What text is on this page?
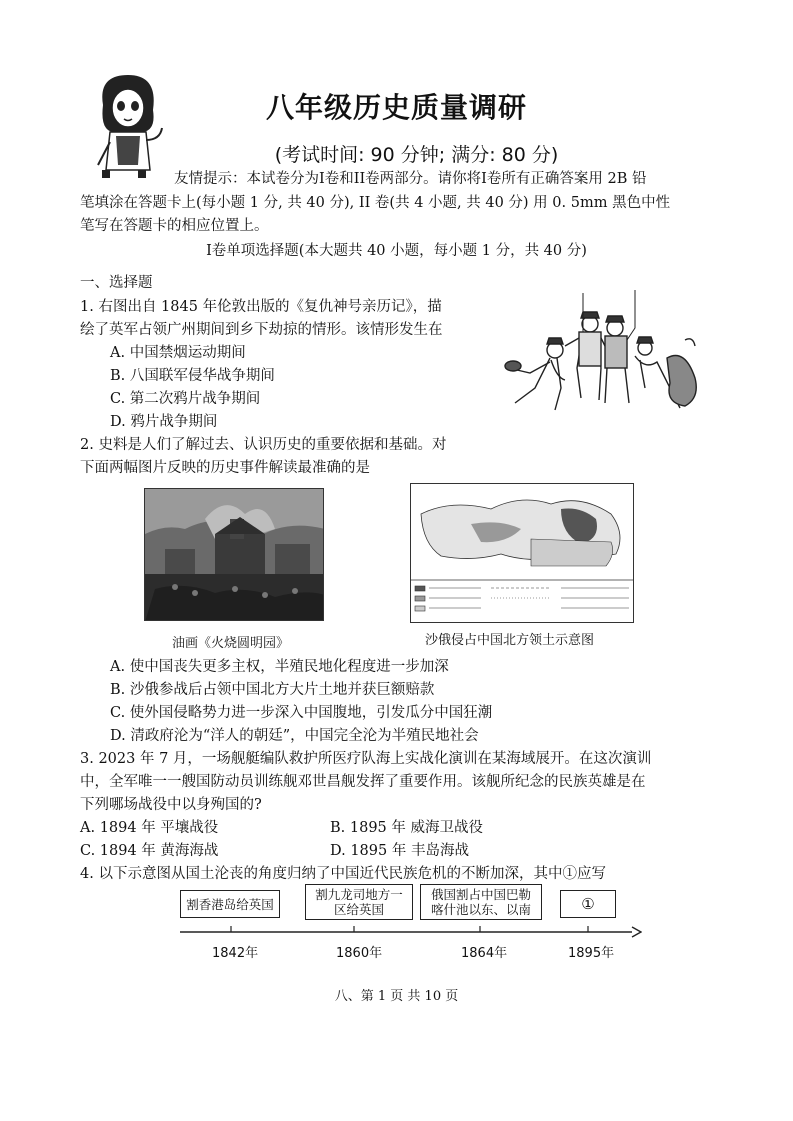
八年级历史质量调研
(考试时间: 90 分钟; 满分: 80 分)
友情提示：本试卷分为Ⅰ卷和II卷两部分。请你将Ⅰ卷所有正确答案用 2B 铅
笔填涂在答题卡上(每小题 1 分, 共 40 分), II 卷(共 4 小题, 共 40 分) 用 0. 5mm 黑色中性
笔写在答题卡的相应位置上。
Ⅰ卷单项选择题(本大题共 40 小题，每小题 1 分，共 40 分)
一、选择题
1. 右图出自 1845 年伦敦出版的《复仇神号亲历记》，描
绘了英军占领广州期间到乡下劫掠的情形。该情形发生在
A. 中国禁烟运动期间
B. 八国联军侵华战争期间
C. 第二次鸦片战争期间
D. 鸦片战争期间
2. 史料是人们了解过去、认识历史的重要依据和基础。对
下面两幅图片反映的历史事件解读最准确的是
油画《火烧圆明园》	沙俄侵占中国北方领土示意图
A. 使中国丧失更多主权，半殖民地化程度进一步加深
B. 沙俄参战后占领中国北方大片土地并获巨额赔款
C. 使外国侵略势力进一步深入中国腹地，引发瓜分中国狂潮
D. 清政府沦为“洋人的朝廷”，中国完全沦为半殖民地社会
3. 2023 年 7 月，一场舰艇编队救护所医疗队海上实战化演训在某海域展开。在这次演训
中，全军唯一一艘国防动员训练舰邓世昌舰发挥了重要作用。该舰所纪念的民族英雄是在
下列哪场战役中以身殉国的?
A. 1894 年 平壤战役	B. 1895 年 威海卫战役
C. 1894 年 黄海海战	D. 1895 年 丰岛海战
4. 以下示意图从国土沦丧的角度归纳了中国近代民族危机的不断加深，其中①应写
割香港岛给英国
割九龙司地方一区给英国
俄国割占中国巴勒喀什池以东、以南	①
1842年	1860年	1864年	1895年
八、第 1 页 共 10 页
